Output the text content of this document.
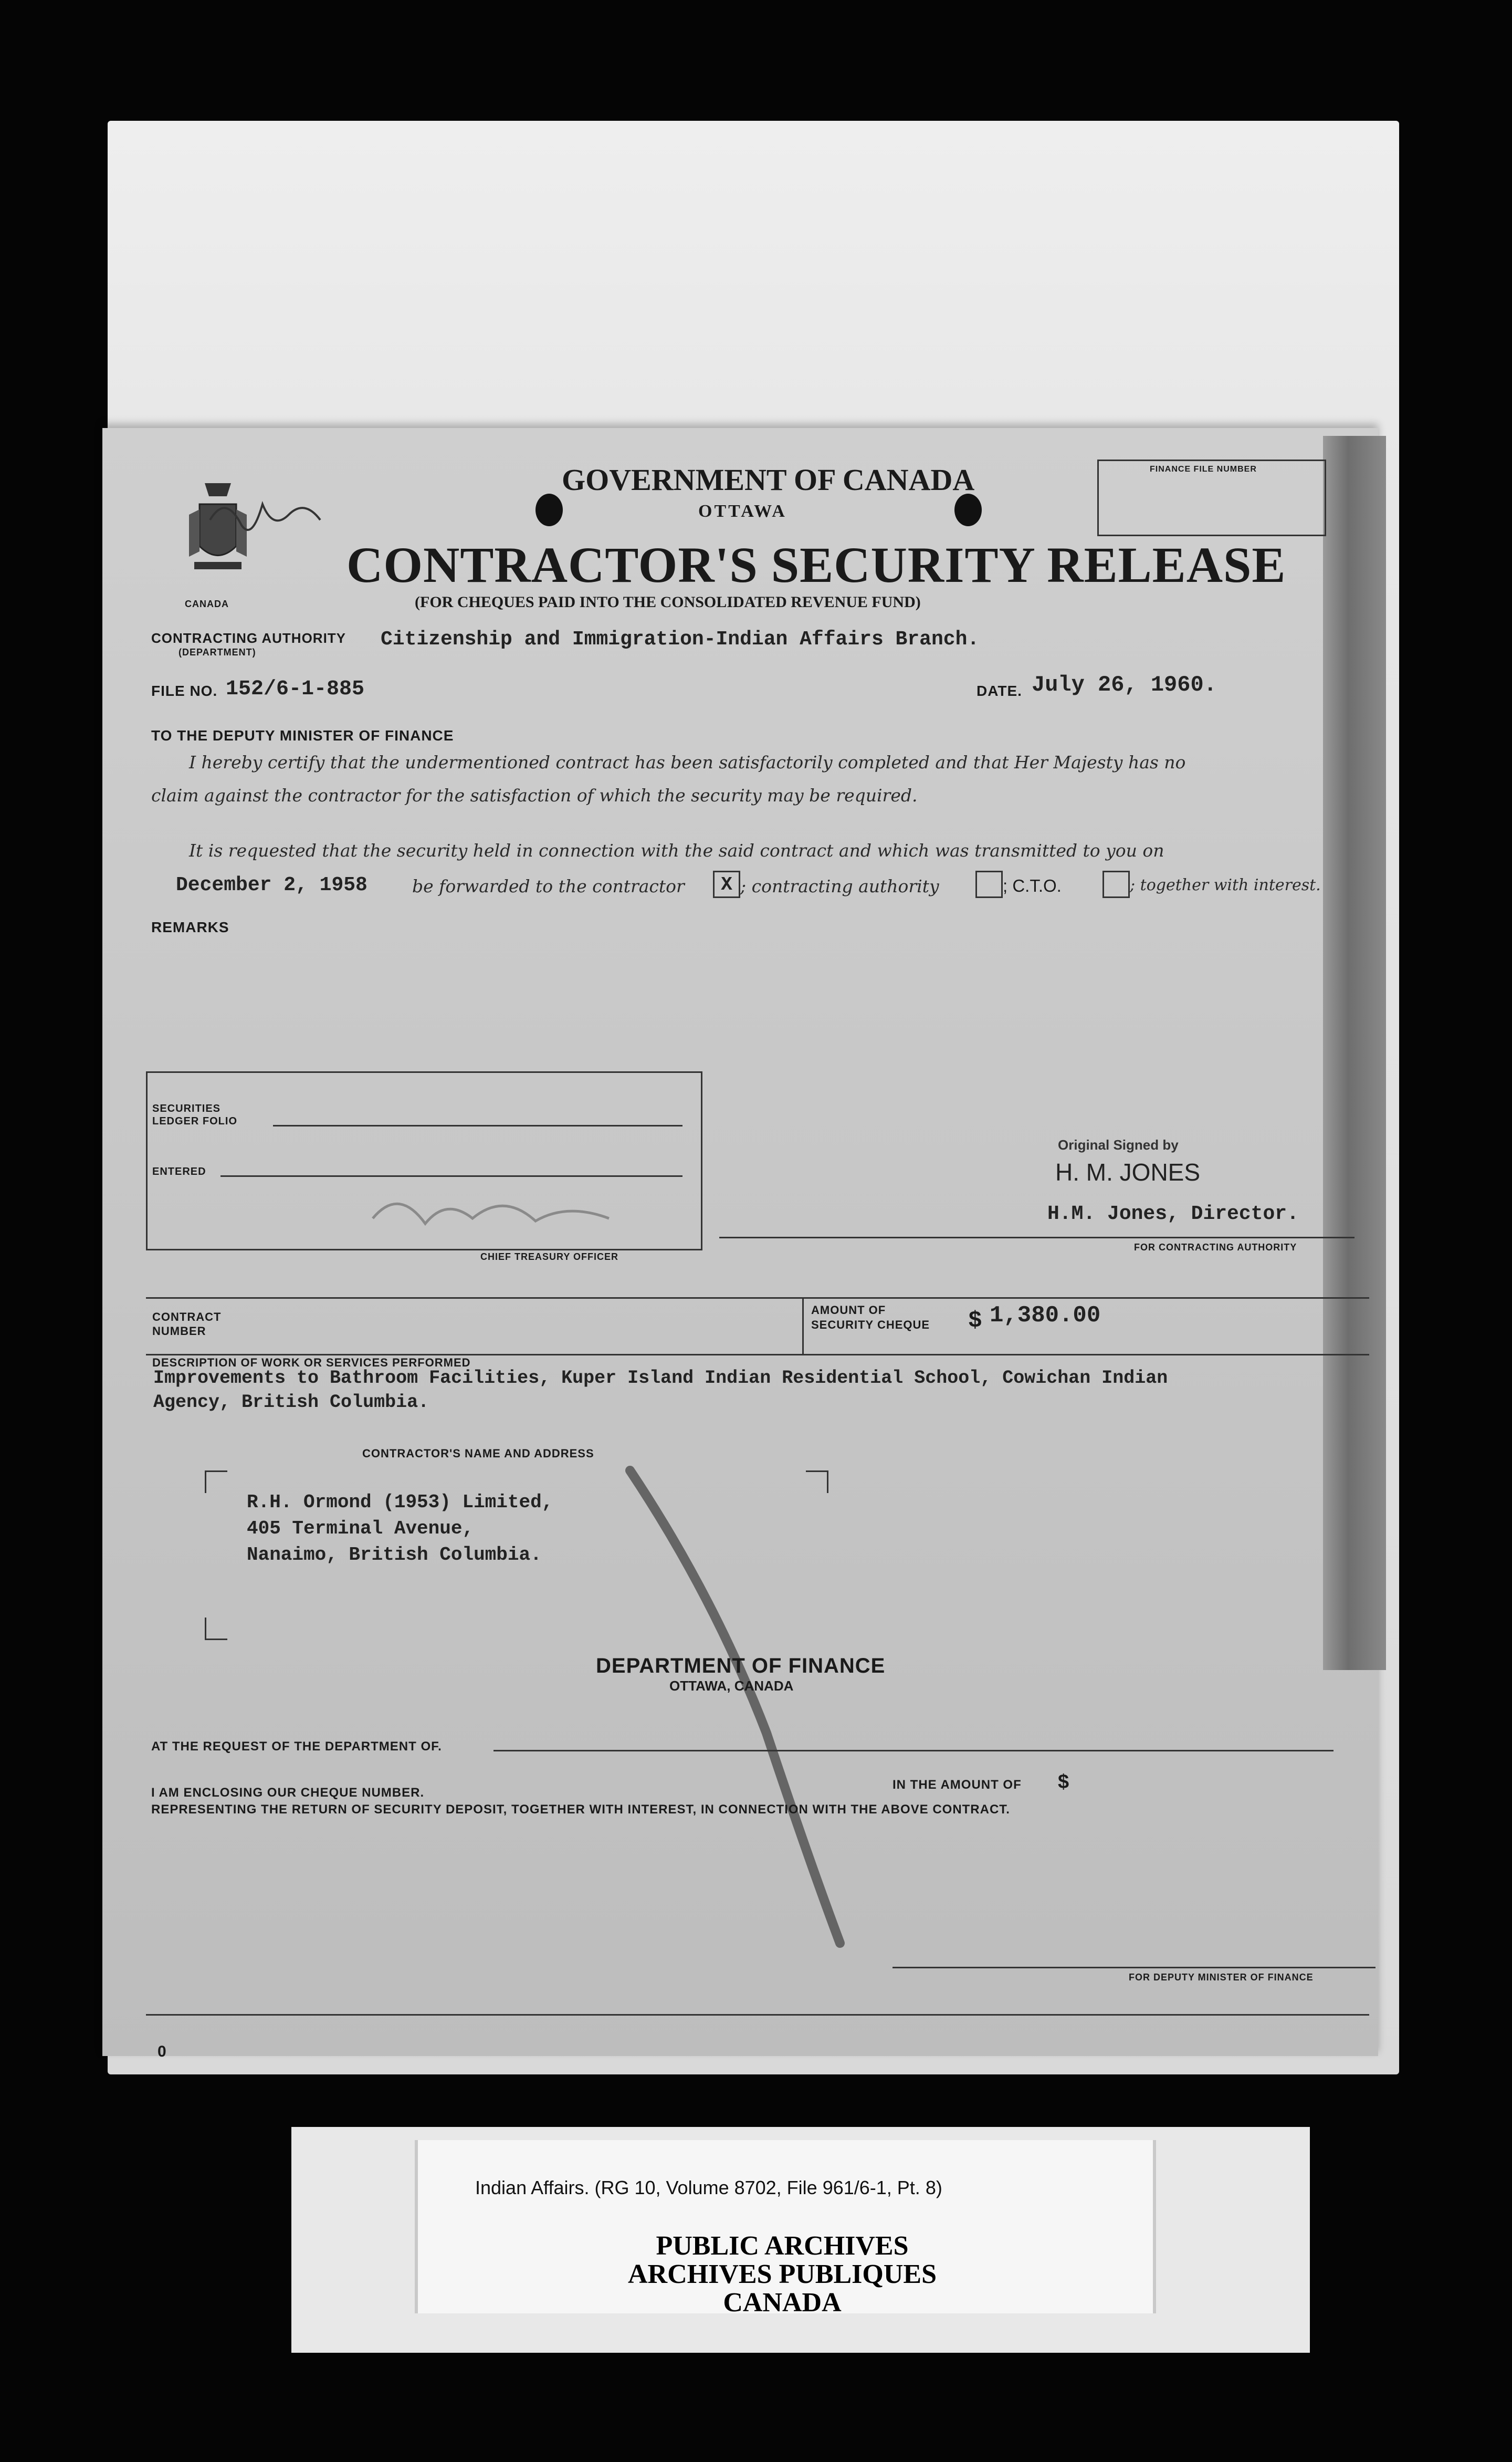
CANADA
GOVERNMENT OF CANADA
OTTAWA
CONTRACTOR'S SECURITY RELEASE
(FOR CHEQUES PAID INTO THE CONSOLIDATED REVENUE FUND)
FINANCE FILE NUMBER
CONTRACTING AUTHORITY
(DEPARTMENT)
Citizenship and Immigration-Indian Affairs Branch.
FILE NO. 152/6-1-885	DATE. July 26, 1960.
TO THE DEPUTY MINISTER OF FINANCE
I hereby certify that the undermentioned contract has been satisfactorily completed and that Her Majesty has no
claim against the contractor for the satisfaction of which the security may be required.
It is requested that the security held in connection with the said contract and which was transmitted to you on
December 2, 1958	be forwarded to the contractor X ; contracting authority	; C.T.O.	; together with interest.
REMARKS
SECURITIES
LEDGER FOLIO
ENTERED
CHIEF TREASURY OFFICER
Original Signed by
H. M. JONES
H.M. Jones, Director.
FOR CONTRACTING AUTHORITY
CONTRACT
NUMBER
AMOUNT OF
SECURITY CHEQUE $ 1,380.00
DESCRIPTION OF WORK OR SERVICES PERFORMED
Improvements to Bathroom Facilities, Kuper Island Indian Residential School, Cowichan Indian
Agency, British Columbia.
CONTRACTOR'S NAME AND ADDRESS
R.H. Ormond (1953) Limited,
405 Terminal Avenue,
Nanaimo, British Columbia.
DEPARTMENT OF FINANCE
OTTAWA, CANADA
AT THE REQUEST OF THE DEPARTMENT OF.
I AM ENCLOSING OUR CHEQUE NUMBER.
IN THE AMOUNT OF $
REPRESENTING THE RETURN OF SECURITY DEPOSIT, TOGETHER WITH INTEREST, IN CONNECTION WITH THE ABOVE CONTRACT.
FOR DEPUTY MINISTER OF FINANCE
0
Indian Affairs. (RG 10, Volume 8702, File 961/6-1, Pt. 8)
PUBLIC ARCHIVES
ARCHIVES PUBLIQUES
CANADA
